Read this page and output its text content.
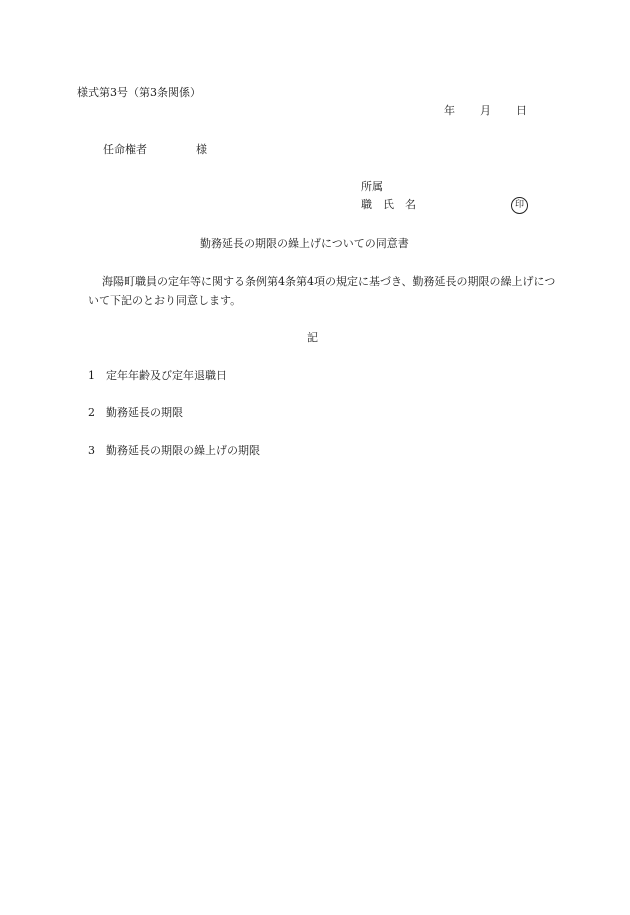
様式第3号（第3条関係）
年 月 日
任命権者	様
所属
職　氏　名	印
勤務延長の期限の繰上げについての同意書
海陽町職員の定年等に関する条例第4条第4項の規定に基づき、勤務延長の期限の繰上げについて下記のとおり同意します。
記
1 定年年齢及び定年退職日
2 勤務延長の期限
3 勤務延長の期限の繰上げの期限
